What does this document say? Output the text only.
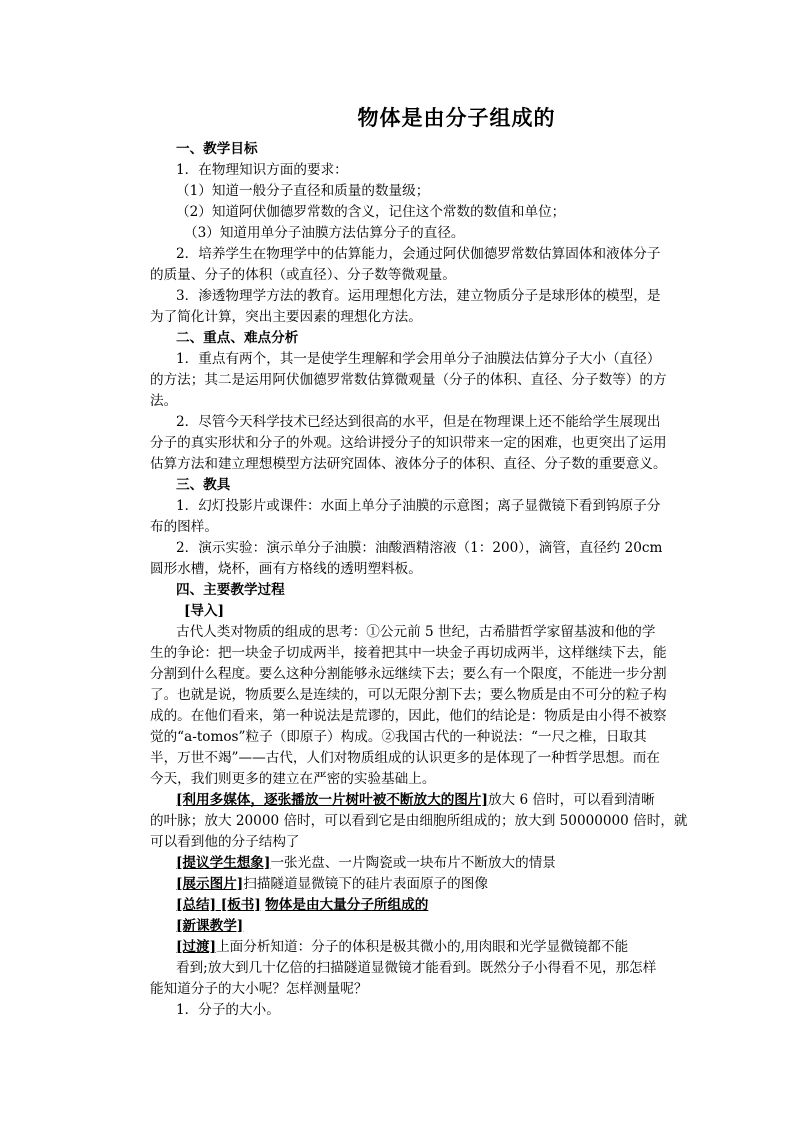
物体是由分子组成的
一、教学目标
1．在物理知识方面的要求：
（1）知道一般分子直径和质量的数量级；
（2）知道阿伏伽德罗常数的含义，记住这个常数的数值和单位；
（3）知道用单分子油膜方法估算分子的直径。
2．培养学生在物理学中的估算能力，会通过阿伏伽德罗常数估算固体和液体分子
的质量、分子的体积（或直径）、分子数等微观量。
3．渗透物理学方法的教育。运用理想化方法，建立物质分子是球形体的模型，是
为了简化计算，突出主要因素的理想化方法。
二、重点、难点分析
1．重点有两个，其一是使学生理解和学会用单分子油膜法估算分子大小（直径）
的方法；其二是运用阿伏伽德罗常数估算微观量（分子的体积、直径、分子数等）的方
法。
2．尽管今天科学技术已经达到很高的水平，但是在物理课上还不能给学生展现出
分子的真实形状和分子的外观。这给讲授分子的知识带来一定的困难，也更突出了运用
估算方法和建立理想模型方法研究固体、液体分子的体积、直径、分子数的重要意义。
三、教具
1．幻灯投影片或课件：水面上单分子油膜的示意图；离子显微镜下看到钨原子分
布的图样。
2．演示实验：演示单分子油膜：油酸酒精溶液（1：200），滴管，直径约 20cm
圆形水槽，烧杯，画有方格线的透明塑料板。
四、主要教学过程
[导入]
古代人类对物质的组成的思考：①公元前 5 世纪，古希腊哲学家留基波和他的学
生的争论：把一块金子切成两半，接着把其中一块金子再切成两半，这样继续下去，能
分割到什么程度。要么这种分割能够永远继续下去；要么有一个限度，不能进一步分割
了。也就是说，物质要么是连续的，可以无限分割下去；要么物质是由不可分的粒子构
成的。在他们看来，第一种说法是荒谬的，因此，他们的结论是：物质是由小得不被察
觉的“a-tomos”粒子（即原子）构成。②我国古代的一种说法：“一尺之椎，日取其
半，万世不竭”——古代，人们对物质组成的认识更多的是体现了一种哲学思想。而在
今天，我们则更多的建立在严密的实验基础上。
[利用多媒体，逐张播放一片树叶被不断放大的图片]放大 6 倍时，可以看到清晰
的叶脉；放大 20000 倍时，可以看到它是由细胞所组成的；放大到 50000000 倍时，就
可以看到他的分子结构了
[提议学生想象]一张光盘、一片陶瓷或一块布片不断放大的情景
[展示图片]扫描隧道显微镜下的硅片表面原子的图像
[总结] [板书] 物体是由大量分子所组成的
[新课教学]
[过渡]上面分析知道：分子的体积是极其微小的,用肉眼和光学显微镜都不能
看到;放大到几十亿倍的扫描隧道显微镜才能看到。既然分子小得看不见，那怎样
能知道分子的大小呢？怎样测量呢？
1．分子的大小。
